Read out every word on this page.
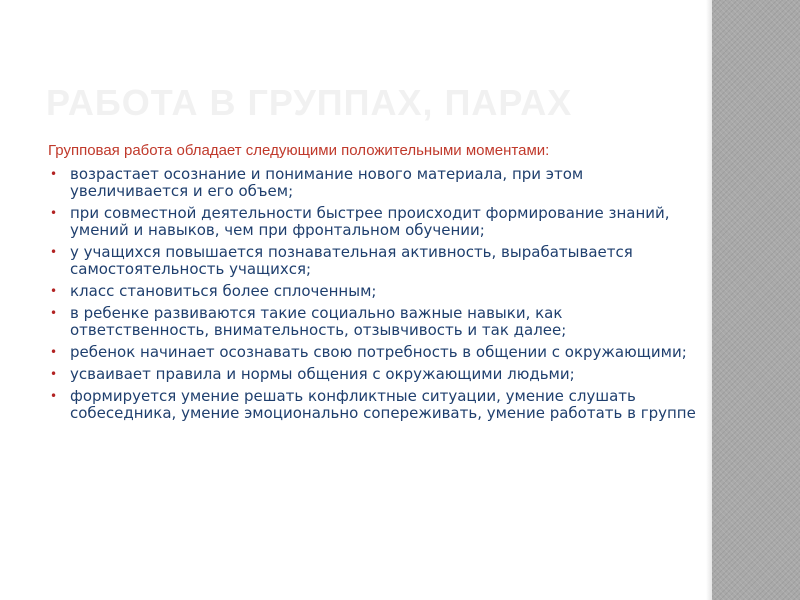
РАБОТА В ГРУППАХ, ПАРАХ

Групповая работа обладает следующими положительными моментами:

• возрастает осознание и понимание нового материала, при этом увеличивается и его объем;
• при совместной деятельности быстрее происходит формирование знаний, умений и навыков, чем при фронтальном обучении;
• у учащихся повышается познавательная активность, вырабатывается самостоятельность учащихся;
• класс становиться более сплоченным;
• в ребенке развиваются такие социально важные навыки, как ответственность, внимательность, отзывчивость и так далее;
• ребенок начинает осознавать свою потребность в общении с окружающими;
• усваивает правила и нормы общения с окружающими людьми;
• формируется умение решать конфликтные ситуации, умение слушать собеседника, умение эмоционально сопереживать, умение работать в группе
